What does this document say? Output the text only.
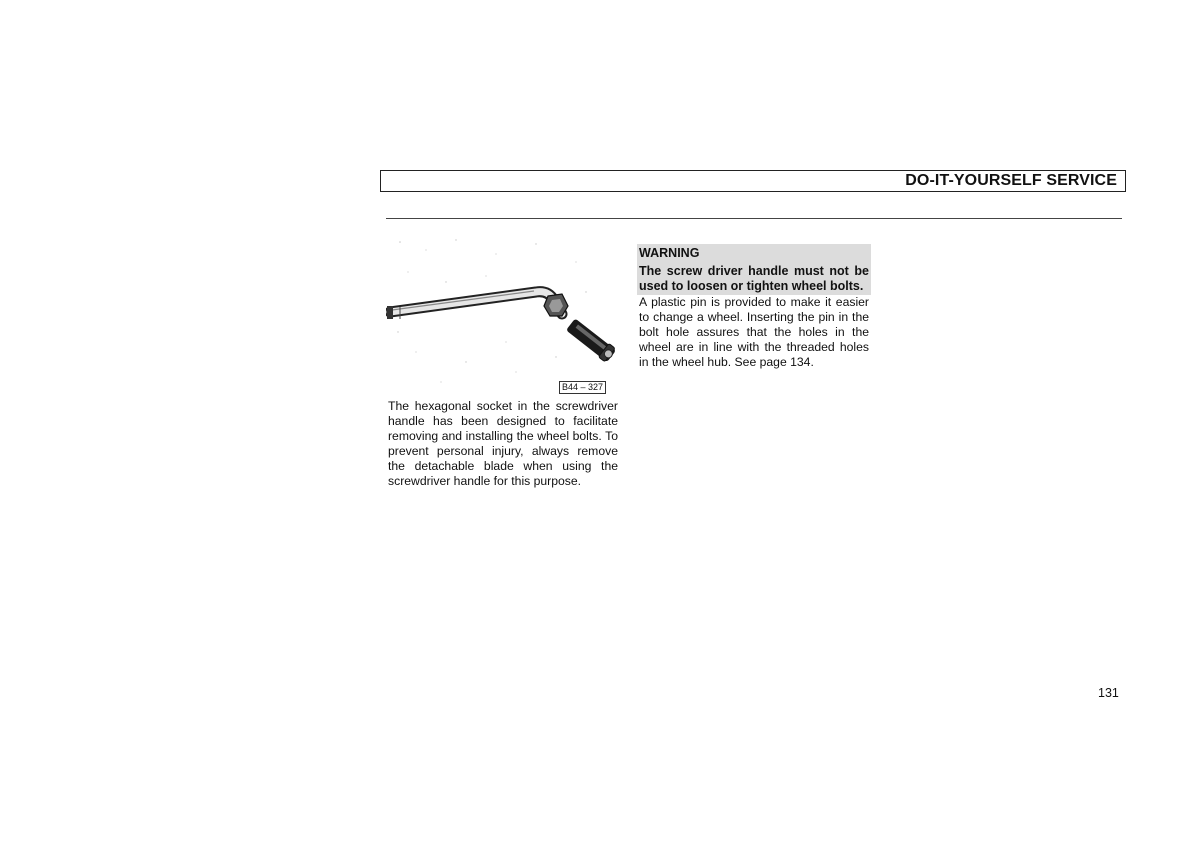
DO-IT-YOURSELF SERVICE
B44 – 327
The hexagonal socket in the screwdriver handle has been designed to facilitate removing and installing the wheel bolts. To prevent personal injury, always remove the detachable blade when using the screwdriver handle for this purpose.
WARNING
The screw driver handle must not be used to loosen or tighten wheel bolts.
A plastic pin is provided to make it easier to change a wheel. Inserting the pin in the bolt hole assures that the holes in the wheel are in line with the threaded holes in the wheel hub. See page 134.
131
